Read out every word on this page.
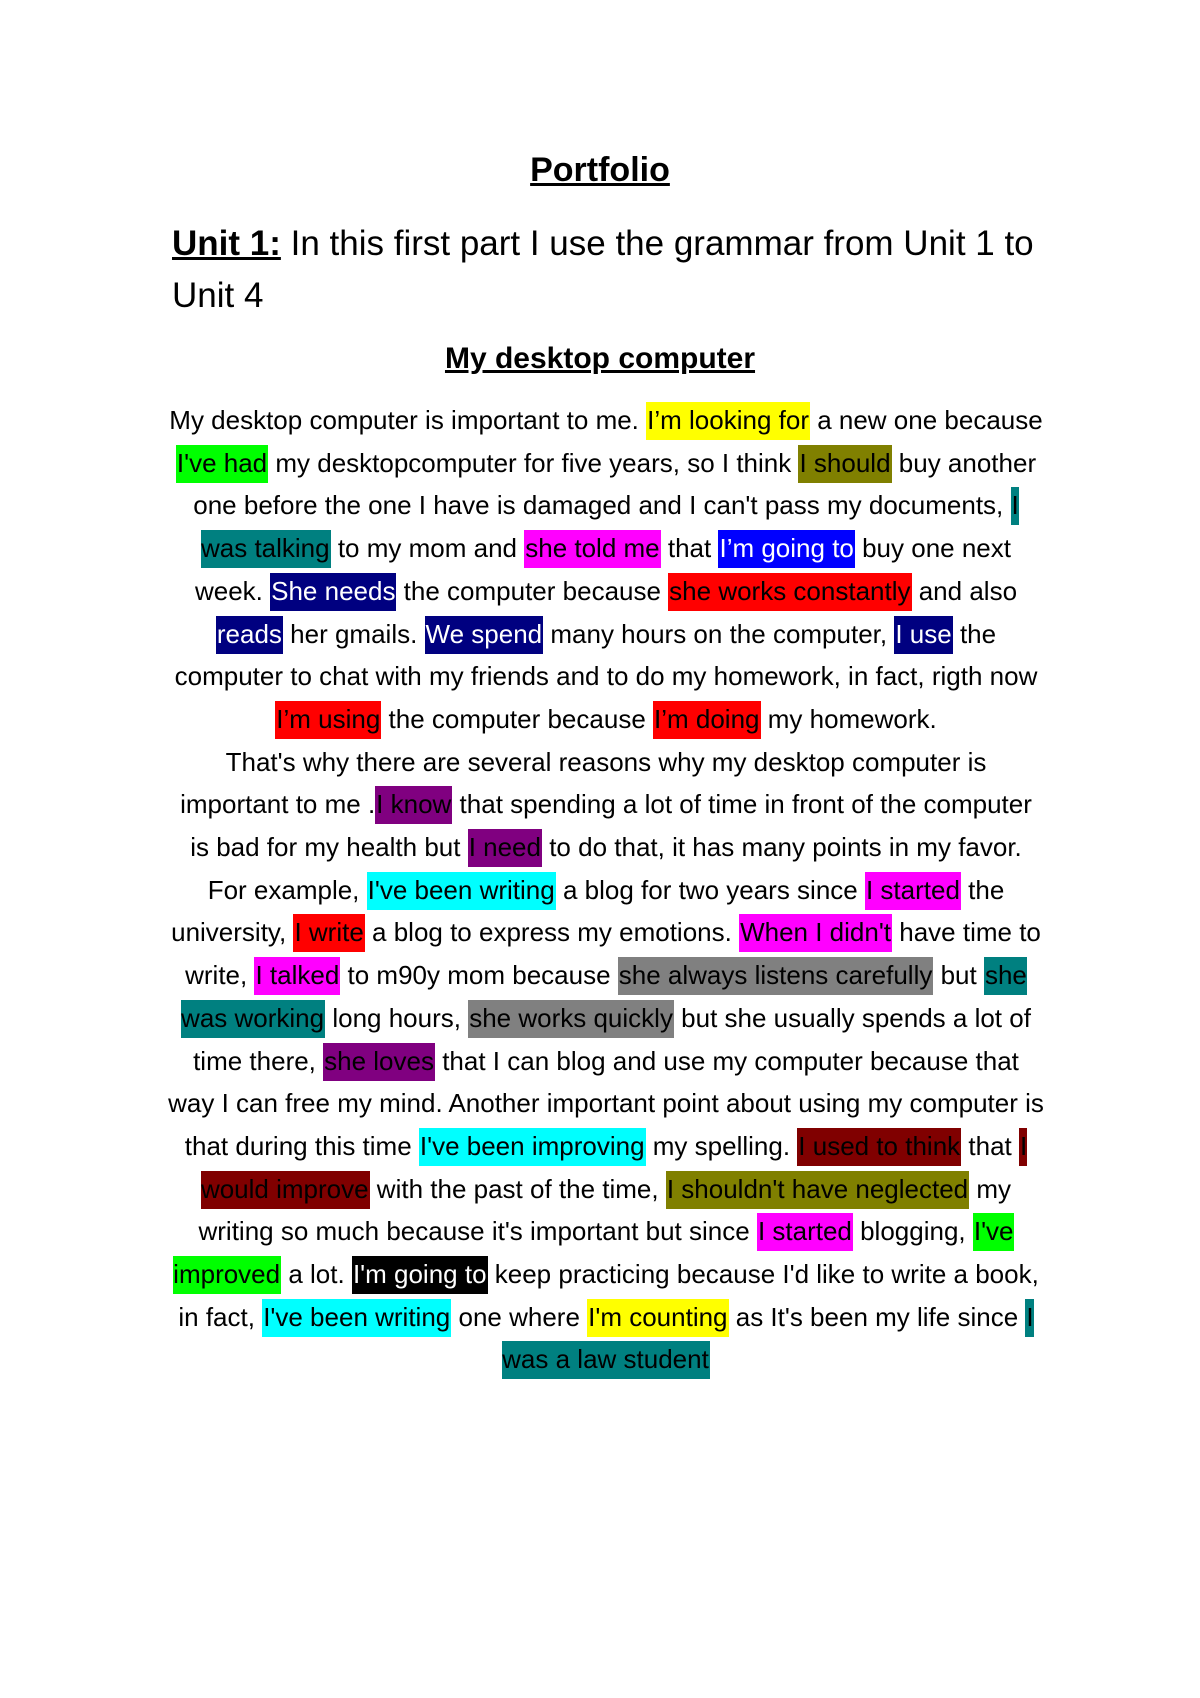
Portfolio

Unit 1: In this first part I use the grammar from Unit 1 to Unit 4

My desktop computer

My desktop computer is important to me. I’m looking for a new one because I've had my desktopcomputer for five years, so I think I should buy another one before the one I have is damaged and I can't pass my documents, I was talking to my mom and she told me that I’m going to buy one next week. She needs the computer because she works constantly and also reads her gmails. We spend many hours on the computer, I use the computer to chat with my friends and to do my homework, in fact, rigth now I’m using the computer because I’m doing my homework.

That's why there are several reasons why my desktop computer is important to me .I know that spending a lot of time in front of the computer is bad for my health but I need to do that, it has many points in my favor. For example, I've been writing a blog for two years since I started the university, I write a blog to express my emotions. When I didn't have time to write, I talked to m90y mom because she always listens carefully but she was working long hours, she works quickly but she usually spends a lot of time there, she loves that I can blog and use my computer because that way I can free my mind. Another important point about using my computer is that during this time I've been improving my spelling. I used to think that I would improve with the past of the time, I shouldn't have neglected my writing so much because it's important but since I started blogging, I've improved a lot. I'm going to keep practicing because I'd like to write a book, in fact, I've been writing one where I'm counting as It's been my life since I was a law student
